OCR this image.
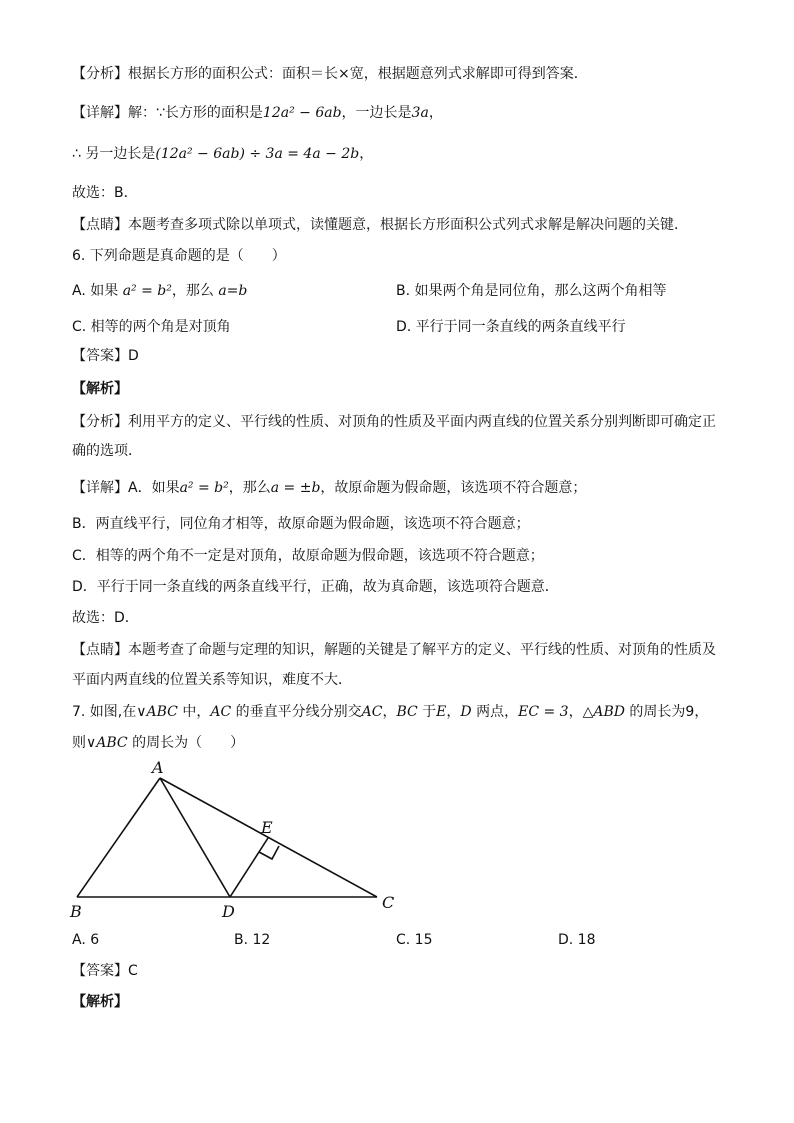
【分析】根据长方形的面积公式：面积＝长×宽，根据题意列式求解即可得到答案．
【详解】解：∵长方形的面积是12a² − 6ab，一边长是3a，
∴ 另一边长是(12a² − 6ab) ÷ 3a = 4a − 2b，
故选：B．
【点睛】本题考查多项式除以单项式，读懂题意，根据长方形面积公式列式求解是解决问题的关键．
6. 下列命题是真命题的是（　　）
A. 如果 a² = b²，那么 a=b	B. 如果两个角是同位角，那么这两个角相等
C. 相等的两个角是对顶角	D. 平行于同一条直线的两条直线平行
【答案】D
【解析】
【分析】利用平方的定义、平行线的性质、对顶角的性质及平面内两直线的位置关系分别判断即可确定正
确的选项．
【详解】A．如果a² = b²，那么a = ±b，故原命题为假命题，该选项不符合题意；
B．两直线平行，同位角才相等，故原命题为假命题，该选项不符合题意；
C．相等的两个角不一定是对顶角，故原命题为假命题，该选项不符合题意；
D．平行于同一条直线的两条直线平行，正确，故为真命题，该选项符合题意．
故选：D．
【点睛】本题考查了命题与定理的知识，解题的关键是了解平方的定义、平行线的性质、对顶角的性质及
平面内两直线的位置关系等知识，难度不大．
7. 如图,在∨ABC 中，AC 的垂直平分线分别交AC，BC 于E，D 两点，EC = 3，△ABD 的周长为9，
则∨ABC 的周长为（　　）
A
B	C
D
E
A. 6	B. 12	C. 15	D. 18
【答案】C
【解析】
